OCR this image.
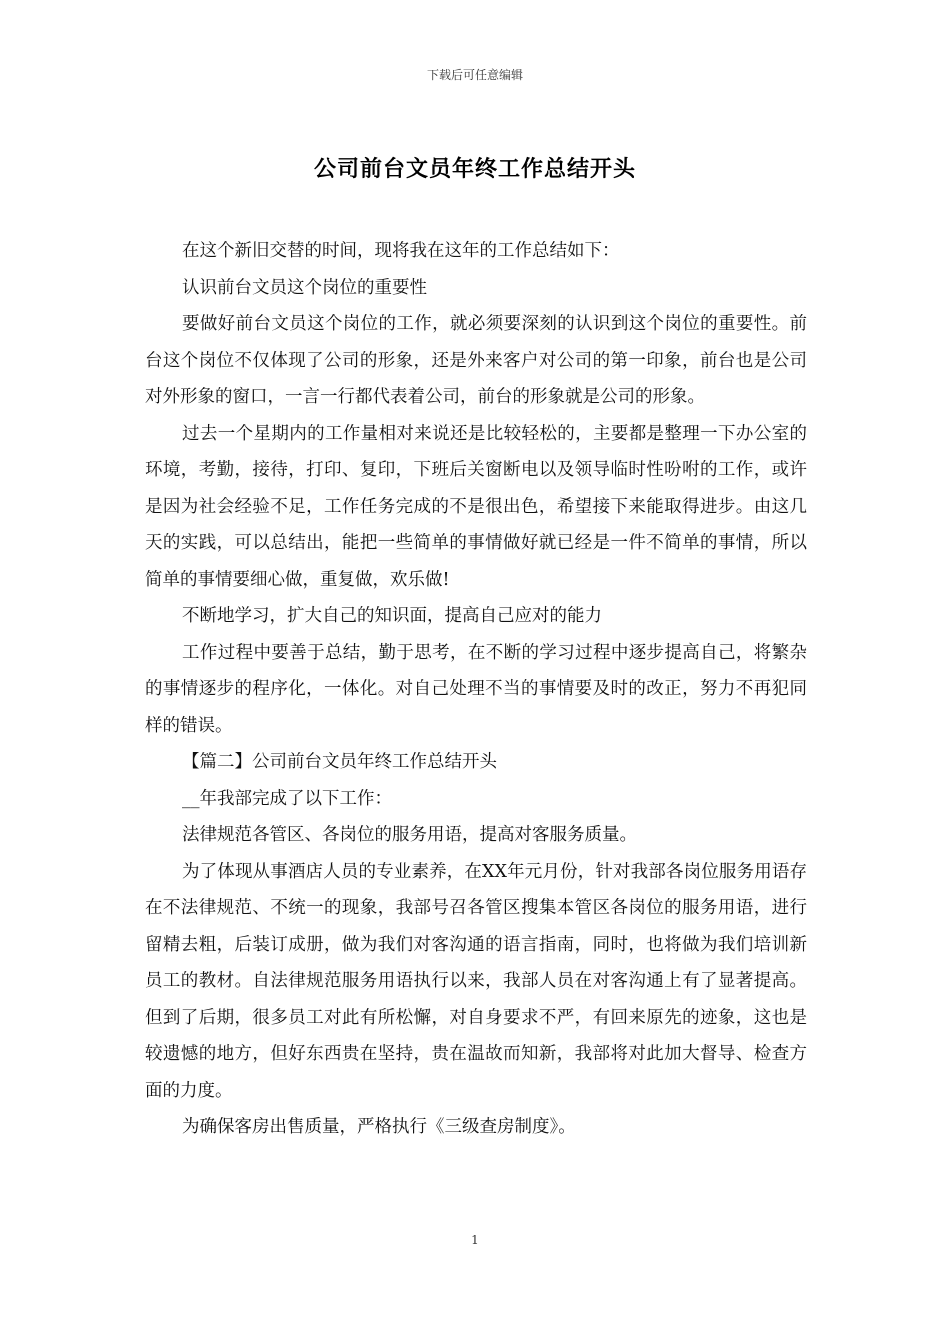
下载后可任意编辑
公司前台文员年终工作总结开头

在这个新旧交替的时间，现将我在这年的工作总结如下：

认识前台文员这个岗位的重要性

要做好前台文员这个岗位的工作，就必须要深刻的认识到这个岗位的重要性。前台这个岗位不仅体现了公司的形象，还是外来客户对公司的第一印象，前台也是公司对外形象的窗口，一言一行都代表着公司，前台的形象就是公司的形象。

过去一个星期内的工作量相对来说还是比较轻松的，主要都是整理一下办公室的环境，考勤，接待，打印、复印，下班后关窗断电以及领导临时性吩咐的工作，或许是因为社会经验不足，工作任务完成的不是很出色，希望接下来能取得进步。由这几天的实践，可以总结出，能把一些简单的事情做好就已经是一件不简单的事情，所以简单的事情要细心做，重复做，欢乐做!

不断地学习，扩大自己的知识面，提高自己应对的能力

工作过程中要善于总结，勤于思考，在不断的学习过程中逐步提高自己，将繁杂的事情逐步的程序化，一体化。对自己处理不当的事情要及时的改正，努力不再犯同样的错误。

【篇二】公司前台文员年终工作总结开头

__年我部完成了以下工作：

法律规范各管区、各岗位的服务用语，提高对客服务质量。

为了体现从事酒店人员的专业素养，在XX年元月份，针对我部各岗位服务用语存在不法律规范、不统一的现象，我部号召各管区搜集本管区各岗位的服务用语，进行留精去粗，后装订成册，做为我们对客沟通的语言指南，同时，也将做为我们培训新员工的教材。自法律规范服务用语执行以来，我部人员在对客沟通上有了显著提高。但到了后期，很多员工对此有所松懈，对自身要求不严，有回来原先的迹象，这也是较遗憾的地方，但好东西贵在坚持，贵在温故而知新，我部将对此加大督导、检查方面的力度。

为确保客房出售质量，严格执行《三级查房制度》。

1
